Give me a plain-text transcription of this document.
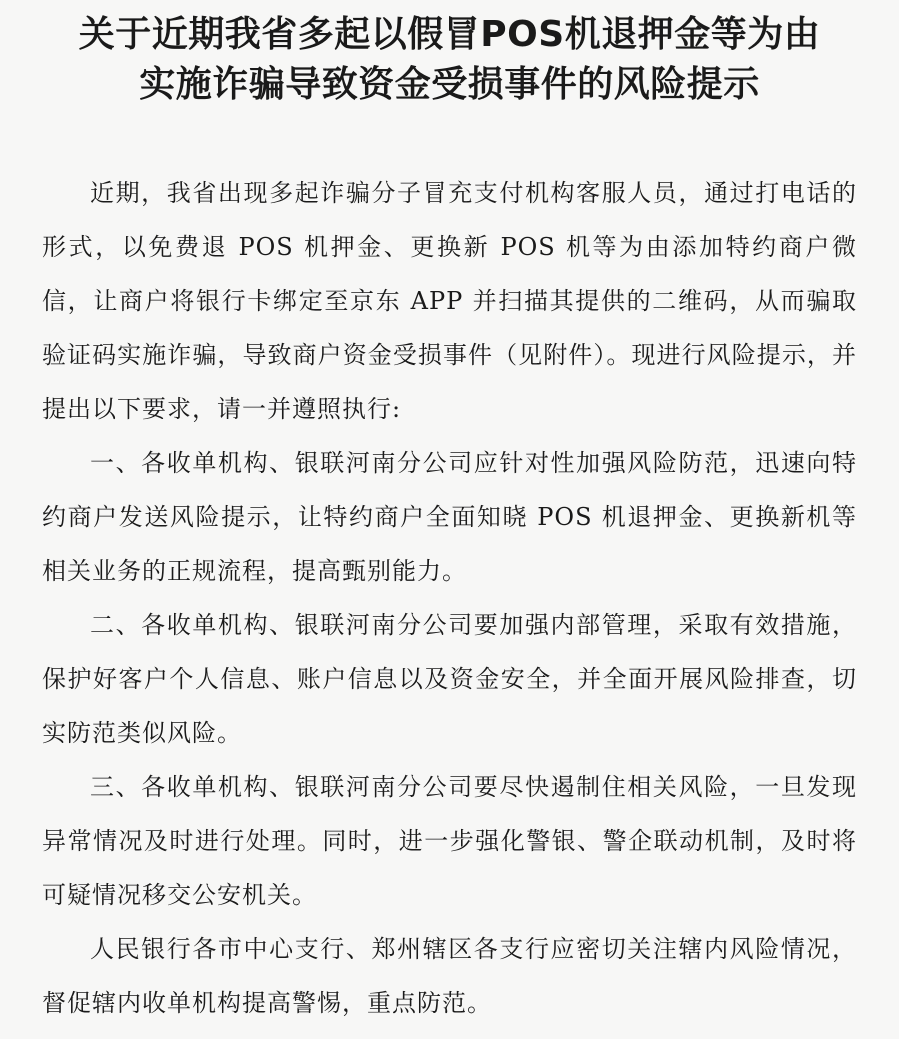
关于近期我省多起以假冒POS机退押金等为由
实施诈骗导致资金受损事件的风险提示

近期，我省出现多起诈骗分子冒充支付机构客服人员，通过打电话的形式，以免费退 POS 机押金、更换新 POS 机等为由添加特约商户微信，让商户将银行卡绑定至京东 APP 并扫描其提供的二维码，从而骗取验证码实施诈骗，导致商户资金受损事件（见附件）。现进行风险提示，并提出以下要求，请一并遵照执行:

一、各收单机构、银联河南分公司应针对性加强风险防范，迅速向特约商户发送风险提示，让特约商户全面知晓 POS 机退押金、更换新机等相关业务的正规流程，提高甄别能力。

二、各收单机构、银联河南分公司要加强内部管理，采取有效措施，保护好客户个人信息、账户信息以及资金安全，并全面开展风险排查，切实防范类似风险。

三、各收单机构、银联河南分公司要尽快遏制住相关风险，一旦发现异常情况及时进行处理。同时，进一步强化警银、警企联动机制，及时将可疑情况移交公安机关。

人民银行各市中心支行、郑州辖区各支行应密切关注辖内风险情况，督促辖内收单机构提高警惕，重点防范。
